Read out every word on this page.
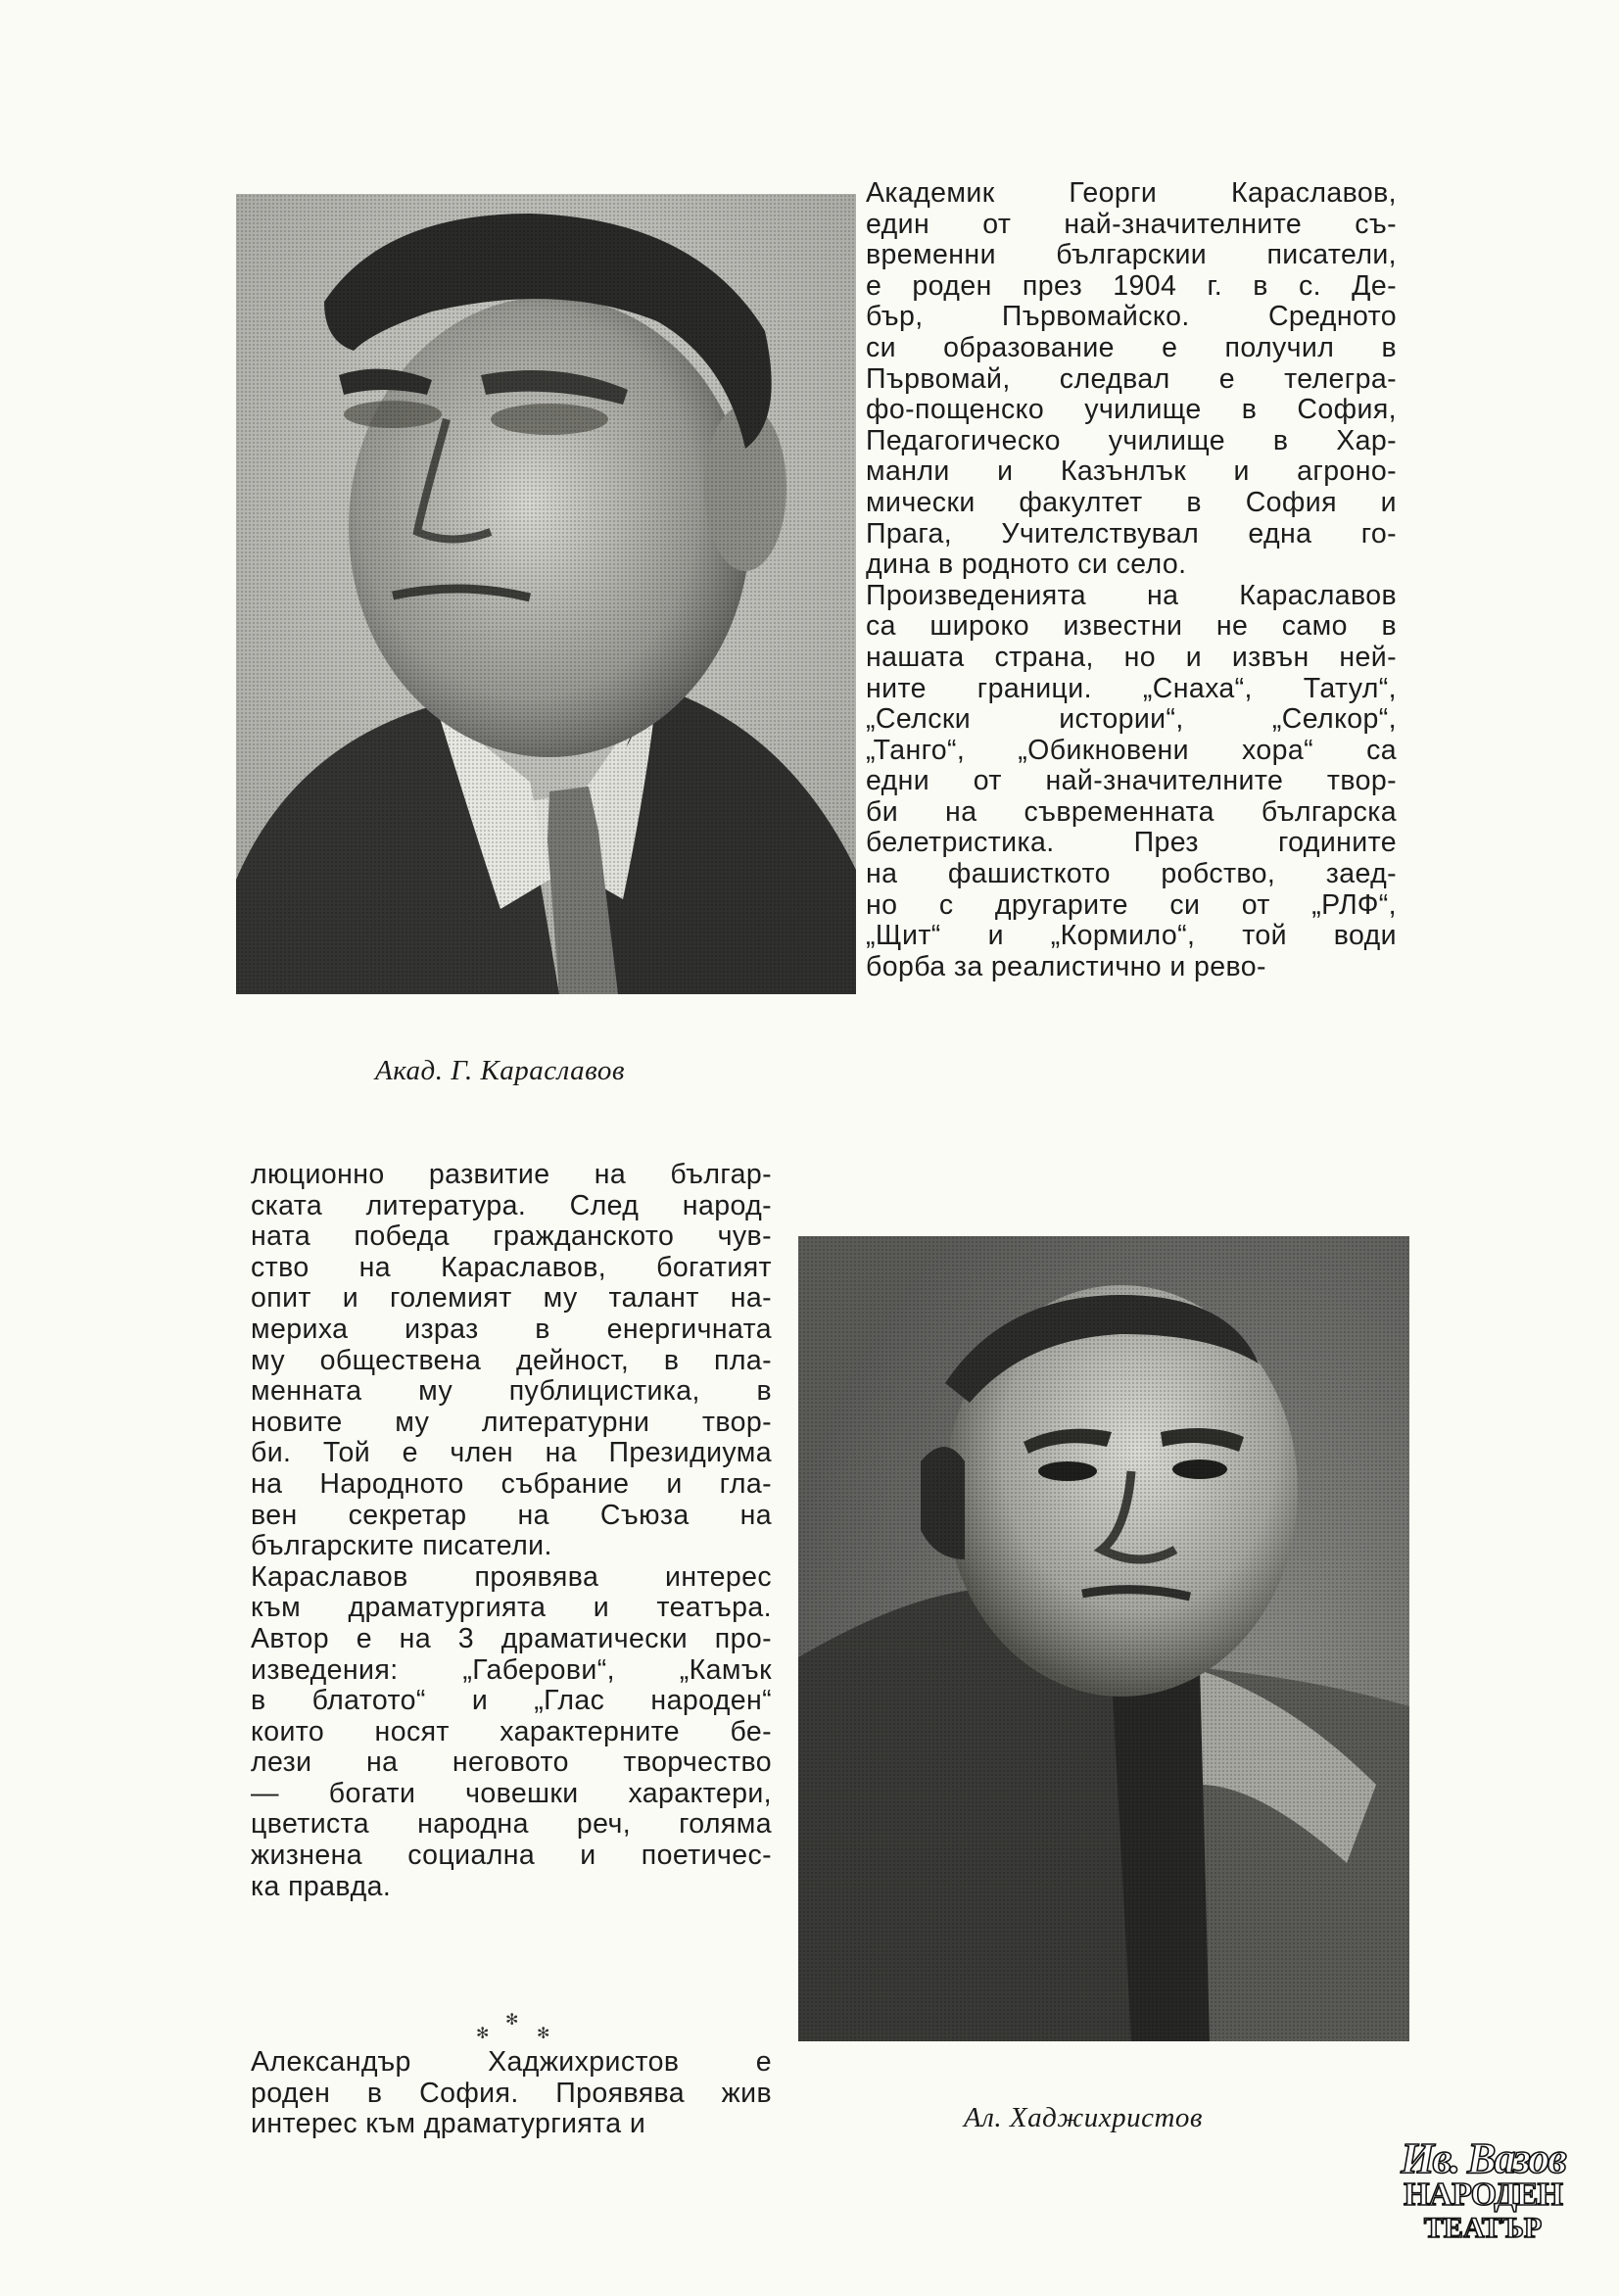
Акад. Г. Караславов
Академик Георги Караславов,
един от най-значителните съ-
временни българскии писатели,
е роден през 1904 г. в с. Де-
бър, Първомайско. Средното
си образование е получил в
Първомай, следвал е телегра-
фо-пощенско училище в София,
Педагогическо училище в Хар-
манли и Казънлък и агроно-
мически факултет в София и
Прага, Учителствувал една го-
дина в родното си село.
Произведенията на Караславов
са широко известни не само в
нашата страна, но и извън ней-
ните граници. „Снаха“, Татул“,
„Селски истории“, „Селкор“,
„Танго“, „Обикновени хора“ са
едни от най-значителните твор-
би на съвременната българска
белетристика. През годините
на фашисткото робство, заед-
но с другарите си от „РЛФ“,
„Щит“ и „Кормило“, той води
борба за реалистично и рево-
люционно развитие на българ-
ската литература. След народ-
ната победа гражданското чув-
ство на Караславов, богатият
опит и големият му талант на-
мериха израз в енергичната
му обществена дейност, в пла-
менната му публицистика, в
новите му литературни твор-
би. Той е член на Президиума
на Народното събрание и гла-
вен секретар на Съюза на
българските писатели.
Караславов проявява интерес
към драматургията и театъра.
Автор е на 3 драматически про-
изведения: „Габерови“, „Камък
в блатото“ и „Глас народен“
които носят характерните бе-
лези на неговото творчество
— богати човешки характери,
цветиста народна реч, голяма
жизнена социална и поетичес-
ка правда.
✻
✻
✻
Александър Хаджихристов е
роден в София. Проявява жив
интерес към драматургията и	Ал. Хаджихристов
Ив. Вазов
НАРОДЕН
ТЕАТЪР
